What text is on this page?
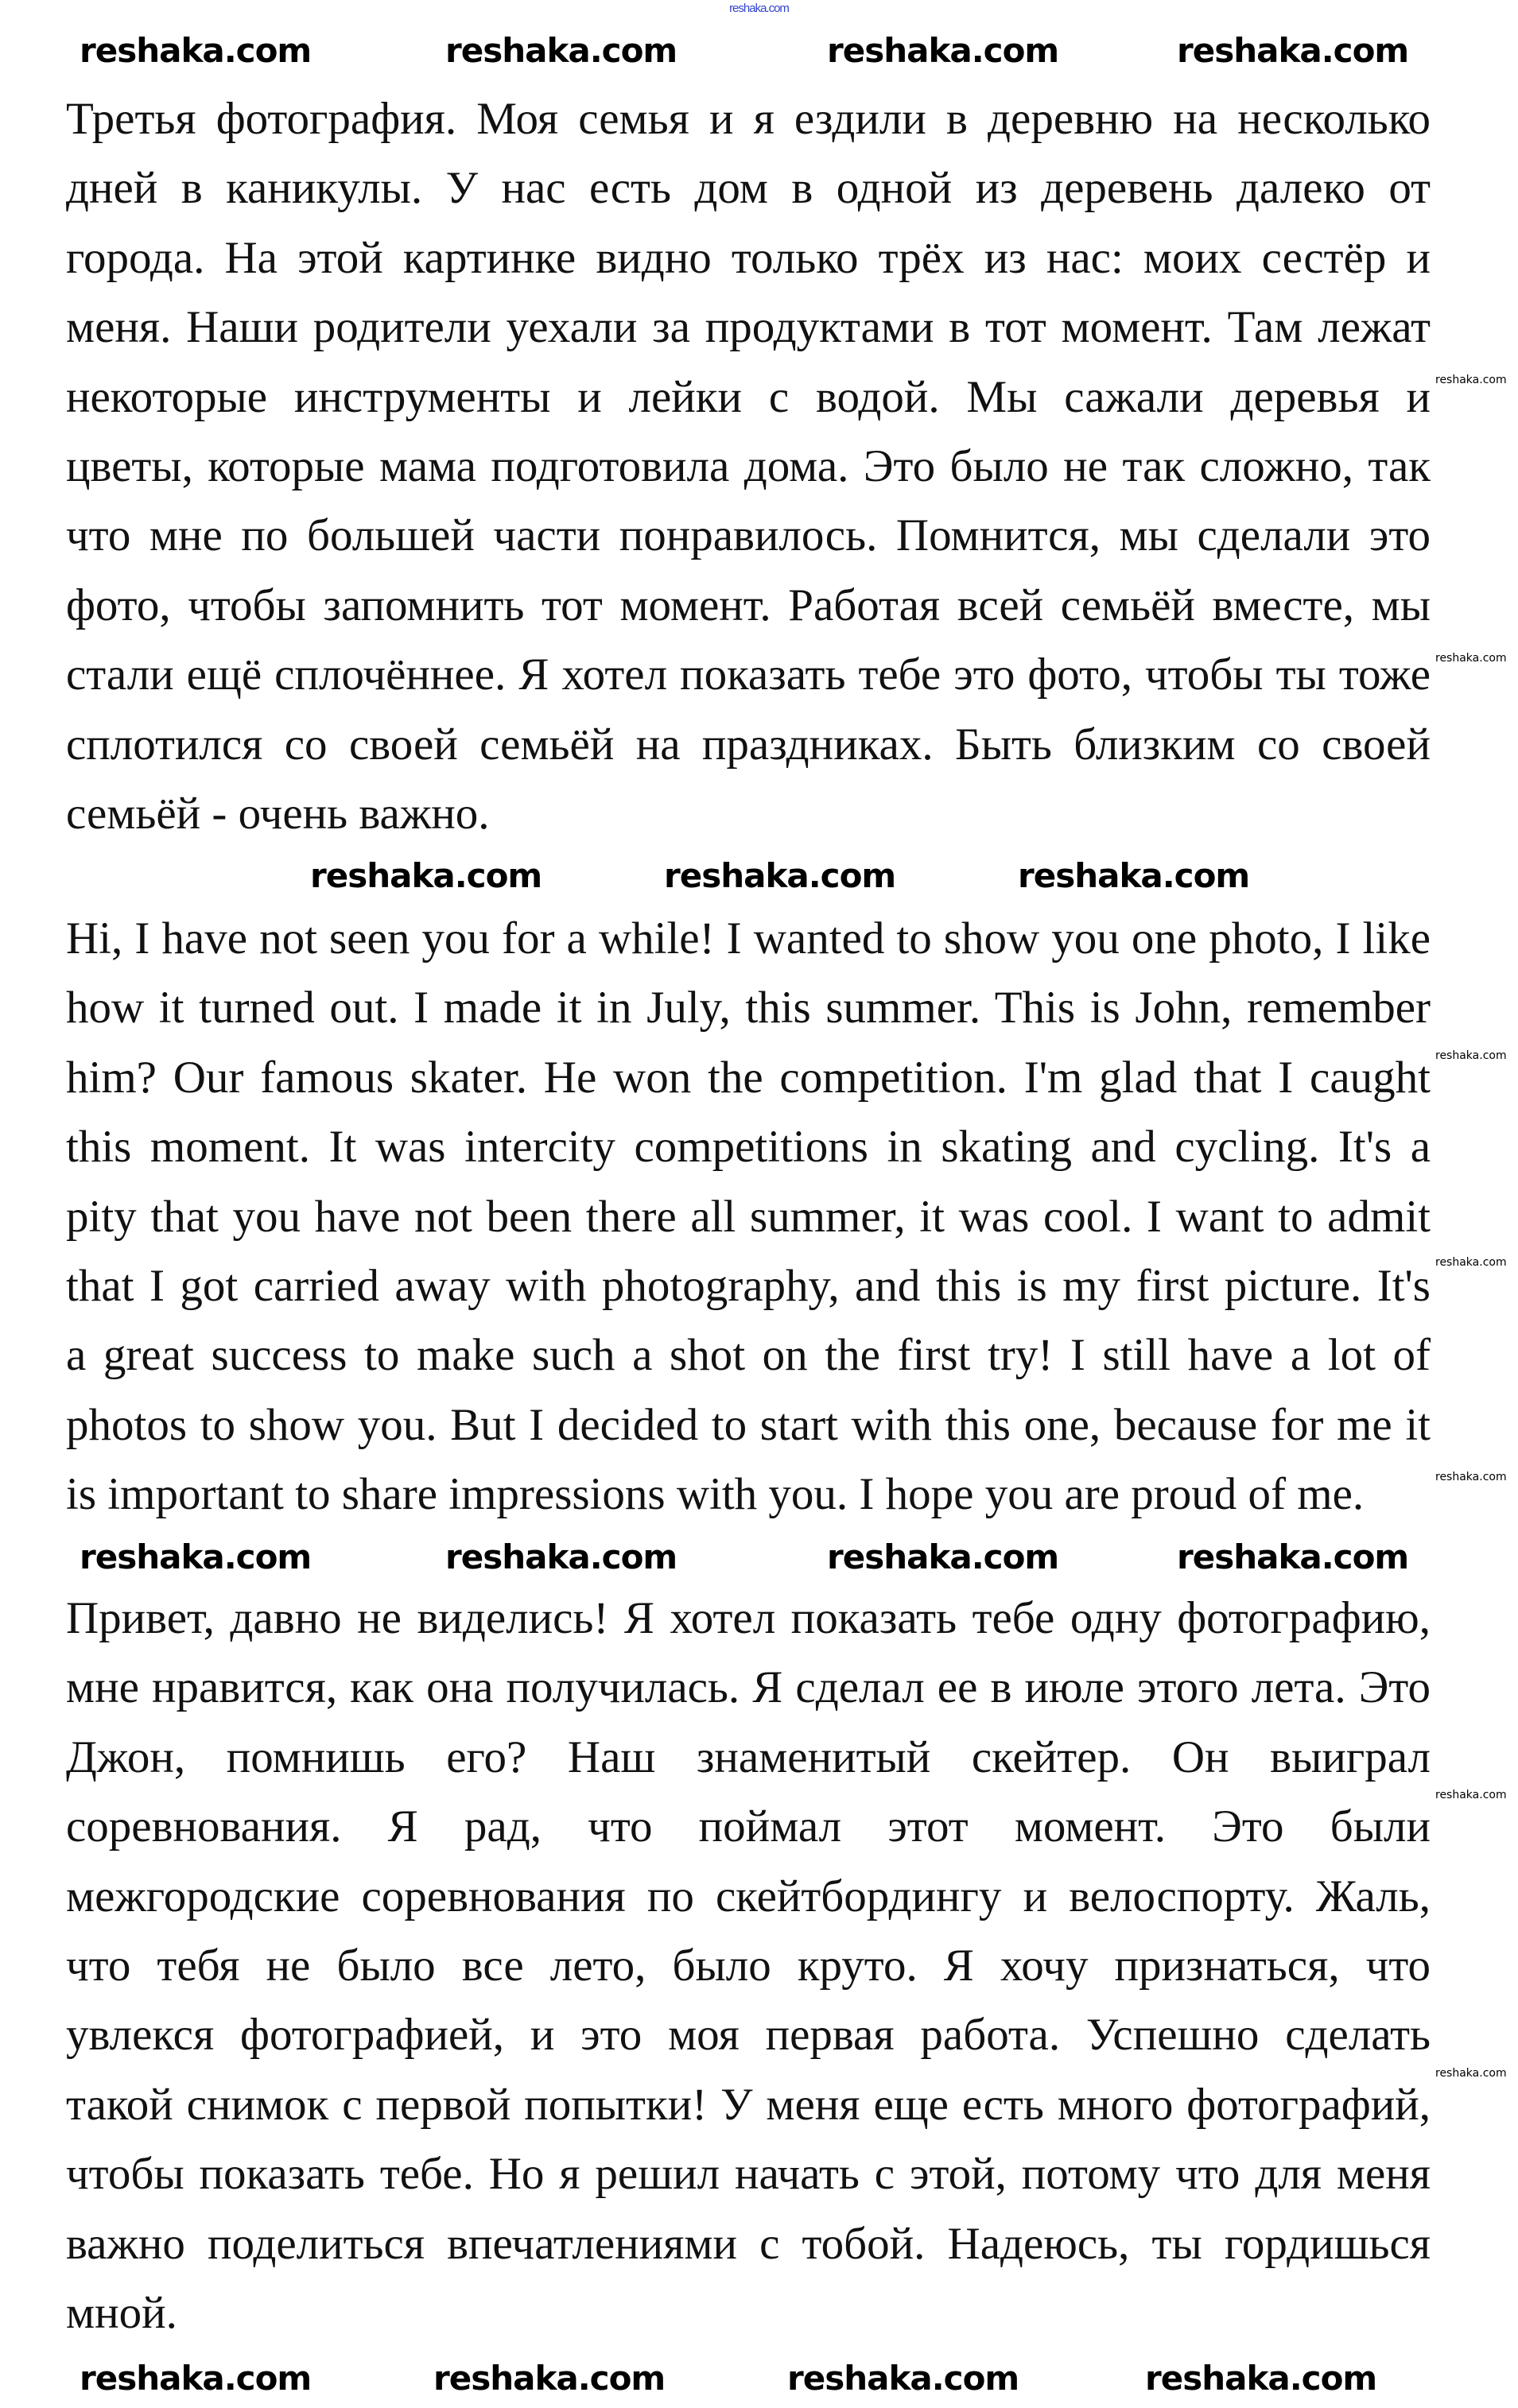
reshaka.com
Третья фотография. Моя семья и я ездили в деревню на несколько
дней в каникулы. У нас есть дом в одной из деревень далеко от
города. На этой картинке видно только трёх из нас: моих сестёр и
меня. Наши родители уехали за продуктами в тот момент. Там лежат
некоторые инструменты и лейки с водой. Мы сажали деревья и
цветы, которые мама подготовила дома. Это было не так сложно, так
что мне по большей части понравилось. Помнится, мы сделали это
фото, чтобы запомнить тот момент. Работая всей семьёй вместе, мы
стали ещё сплочённее. Я хотел показать тебе это фото, чтобы ты тоже
сплотился со своей семьёй на праздниках. Быть близким со своей
семьёй - очень важно.
Hi, I have not seen you for a while! I wanted to show you one photo, I like
how it turned out. I made it in July, this summer. This is John, remember
him? Our famous skater. He won the competition. I'm glad that I caught
this moment. It was intercity competitions in skating and cycling. It's a
pity that you have not been there all summer, it was cool. I want to admit
that I got carried away with photography, and this is my first picture. It's
a great success to make such a shot on the first try! I still have a lot of
photos to show you. But I decided to start with this one, because for me it
is important to share impressions with you. I hope you are proud of me.
Привет, давно не виделись! Я хотел показать тебе одну фотографию,
мне нравится, как она получилась. Я сделал ее в июле этого лета. Это
Джон, помнишь его? Наш знаменитый скейтер. Он выиграл
соревнования. Я рад, что поймал этот момент. Это были
межгородские соревнования по скейтбордингу и велоспорту. Жаль,
что тебя не было все лето, было круто. Я хочу признаться, что
увлекся фотографией, и это моя первая работа. Успешно сделать
такой снимок с первой попытки! У меня еще есть много фотографий,
чтобы показать тебе. Но я решил начать с этой, потому что для меня
важно поделиться впечатлениями с тобой. Надеюсь, ты гордишься
мной.
reshaka.com	reshaka.com	reshaka.com	reshaka.com
reshaka.com	reshaka.com	reshaka.com
reshaka.com	reshaka.com	reshaka.com	reshaka.com
reshaka.com	reshaka.com	reshaka.com	reshaka.com
reshaka.com
reshaka.com
reshaka.com
reshaka.com
reshaka.com
reshaka.com
reshaka.com
